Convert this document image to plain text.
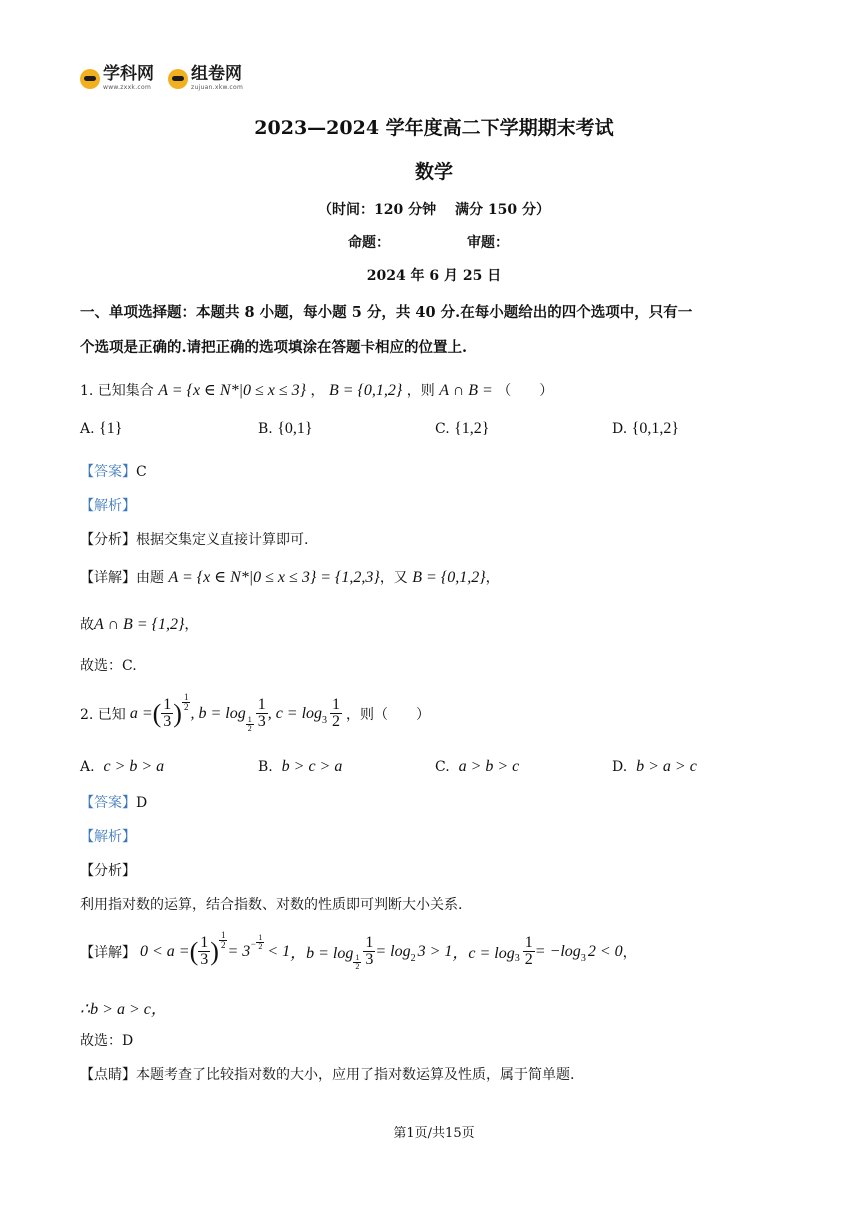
学科网
www.zxxk.com
组卷网
zujuan.xkw.com
2023—2024 学年度高二下学期期末考试
数学
（时间：120 分钟　 满分 150 分）
命题：	审题：
2024 年 6 月 25 日
一、单项选择题：本题共 8 小题，每小题 5 分，共 40 分.在每小题给出的四个选项中，只有一
个选项是正确的.请把正确的选项填涂在答题卡相应的位置上.
1. 已知集合 A = {x ∈ N*|0 ≤ x ≤ 3} ， B = {0,1,2} ，则 A ∩ B = （　　）
A. {1}	B. {0,1}	C. {1,2}	D. {0,1,2}
【答案】C
【解析】
【分析】根据交集定义直接计算即可.
【详解】由题 A = {x ∈ N*|0 ≤ x ≤ 3} = {1,2,3}，又 B = {0,1,2}，
故A ∩ B = {1,2}，
故选：C.
2. 已知 a = ( $\frac{1}{3}$ ) $\frac{1}{2}$
, b = log
$\frac{1}{2} \frac{1}{3}$ , $c = \log 3 \frac{1}{2}$ ，则（　　）
A. c > b > a	B. b > c > a	C. a > b > c	D. b > a > c
【答案】D
【解析】
【分析】
利用指对数的运算，结合指数、对数的性质即可判断大小关系.
【详解】 0 < a = ( $\frac{1}{3}$ ) $\frac{1}{2}$
= $3 - \frac{1}{2} < 1$ ，b = log
$\frac{1}{2} \frac{1}{3} = \log 2$ 3 > 1 ，$c = \log 3 \frac{1}{2} = -\log$ 3 2 < 0 ，
∴b > a > c，
故选：D
【点睛】本题考查了比较指对数的大小，应用了指对数运算及性质，属于简单题.
第1页/共15页
